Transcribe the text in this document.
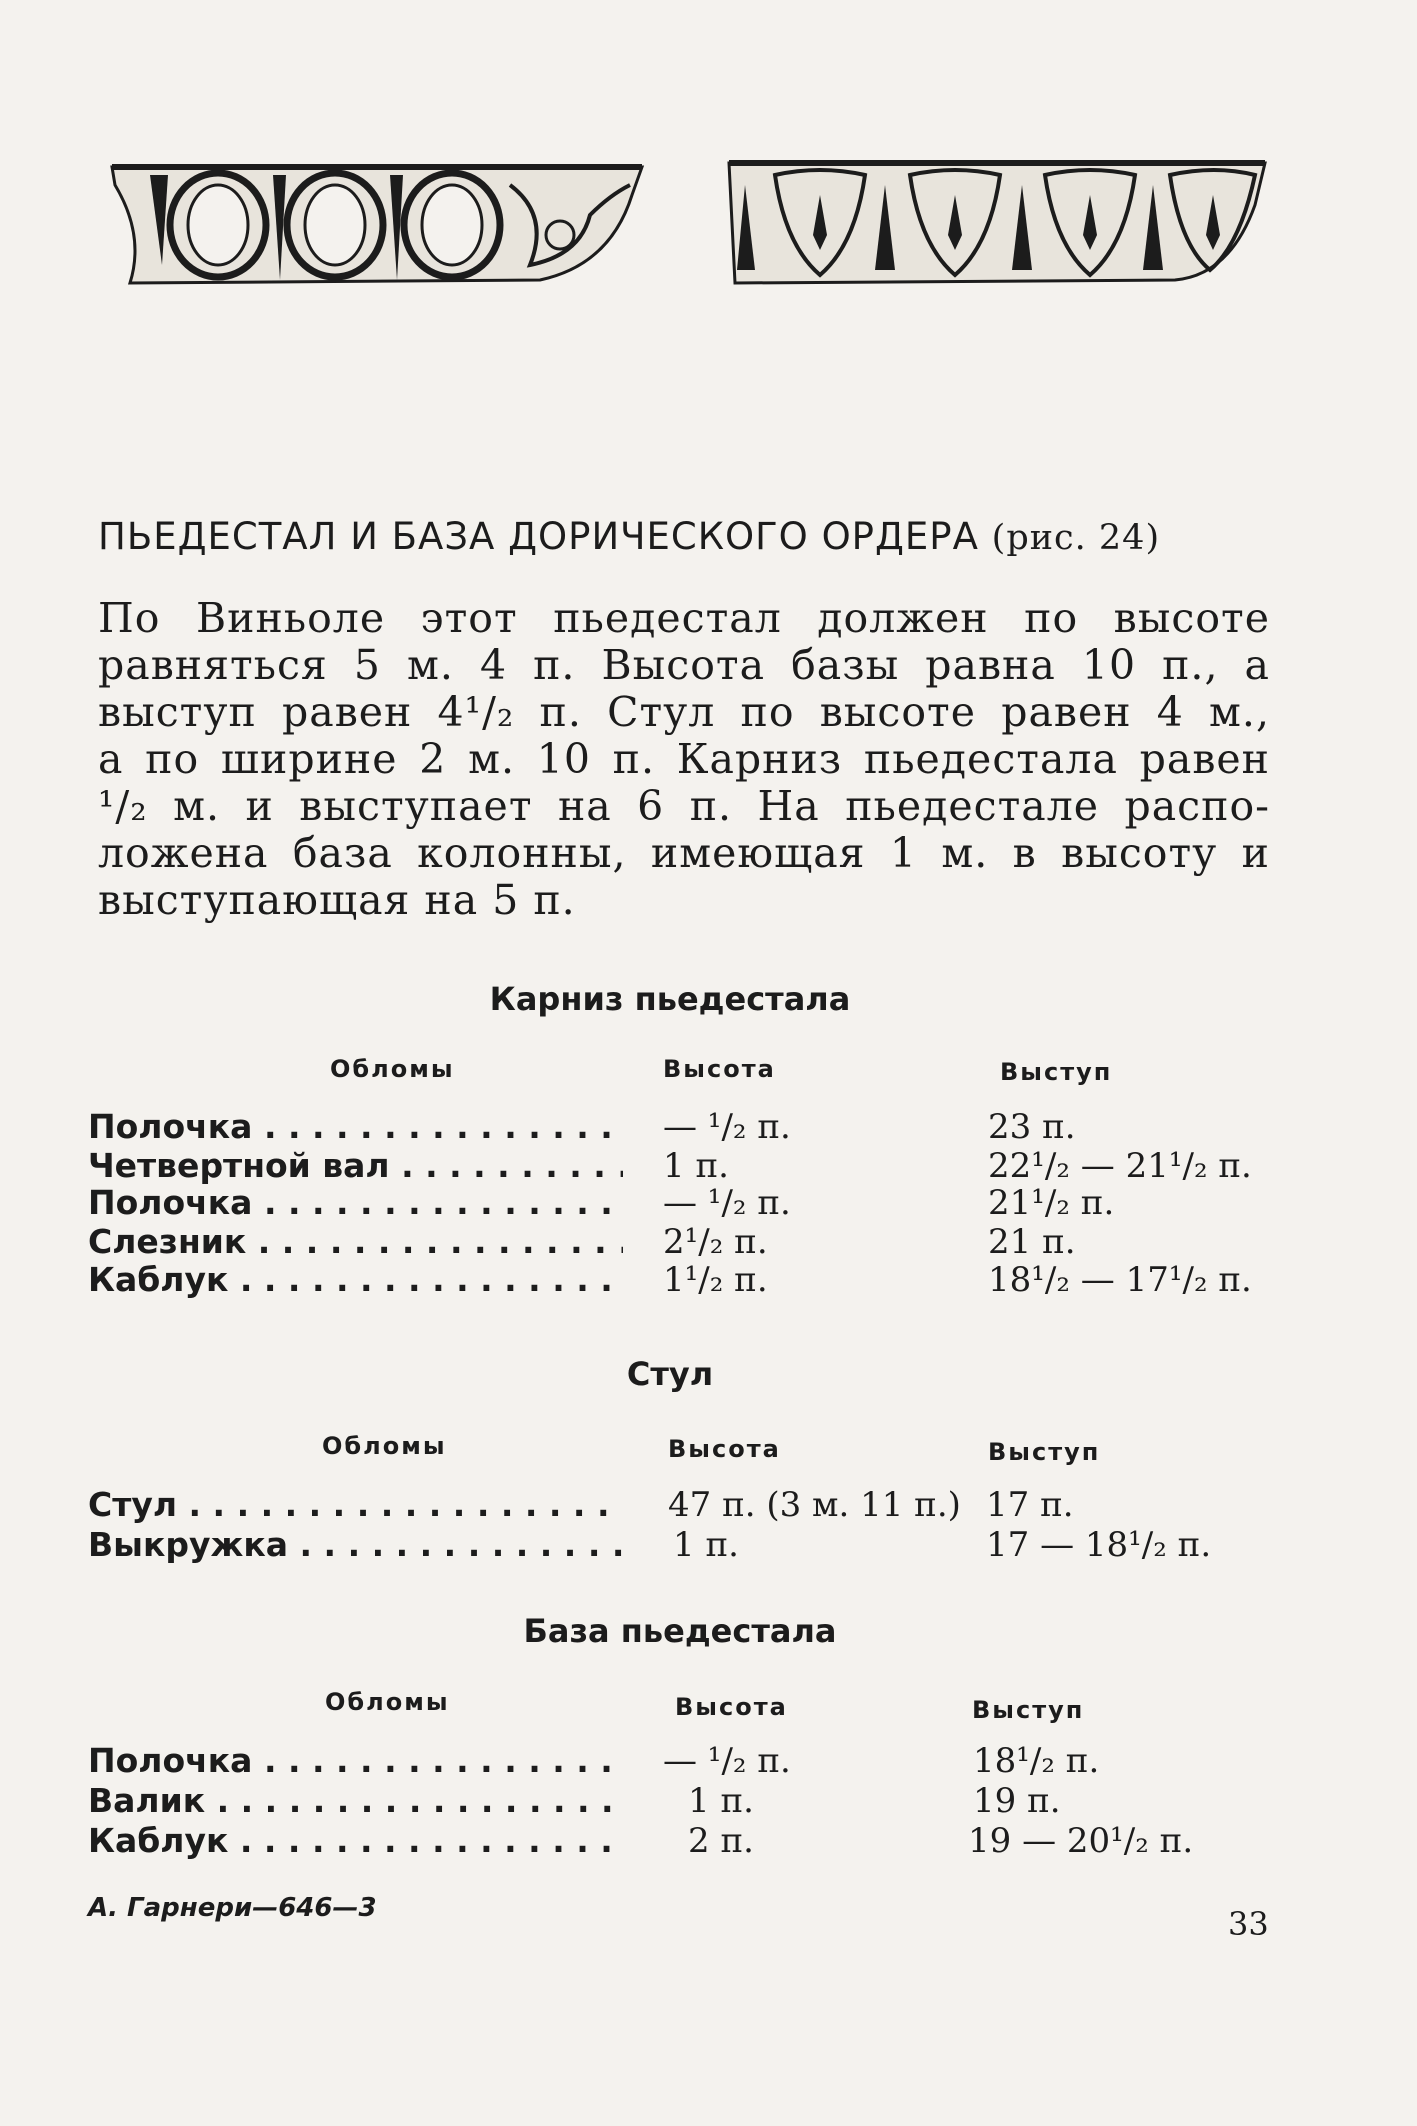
ПЬЕДЕСТАЛ И БАЗА ДОРИЧЕСКОГО ОРДЕРА (рис. 24)
По Виньоле этот пьедестал должен по высоте
равняться 5 м. 4 п. Высота базы равна 10 п., а
выступ равен 4¹/₂ п. Стул по высоте равен 4 м.,
а по ширине 2 м. 10 п. Карниз пьедестала равен
¹/₂ м. и выступает на 6 п. На пьедестале распо-
ложена база колонны, имеющая 1 м. в высоту и
выступающая на 5 п.
Карниз пьедестала
Обломы	Высота	Выступ
Полочка . . .	— ¹/₂ п.	23 п.
Четвертной вал . . .	1 п.	22¹/₂ — 21¹/₂ п.
Полочка . . .	— ¹/₂ п.	21¹/₂ п.
Слезник . . .	2¹/₂ п.	21 п.
Каблук . . .	1¹/₂ п.	18¹/₂ — 17¹/₂ п.
Стул
Обломы	Высота	Выступ
Стул . . .	47 п. (3 м. 11 п.) 17 п.
Выкружка . . .	1 п.	17 — 18¹/₂ п.
База пьедестала
Обломы	Высота	Выступ
Полочка . . .	— ¹/₂ п.	18¹/₂ п.
Валик . . .	1 п.	19 п.
Каблук . . .	2 п.	19 — 20¹/₂ п.
А. Гарнери—646—3	33
